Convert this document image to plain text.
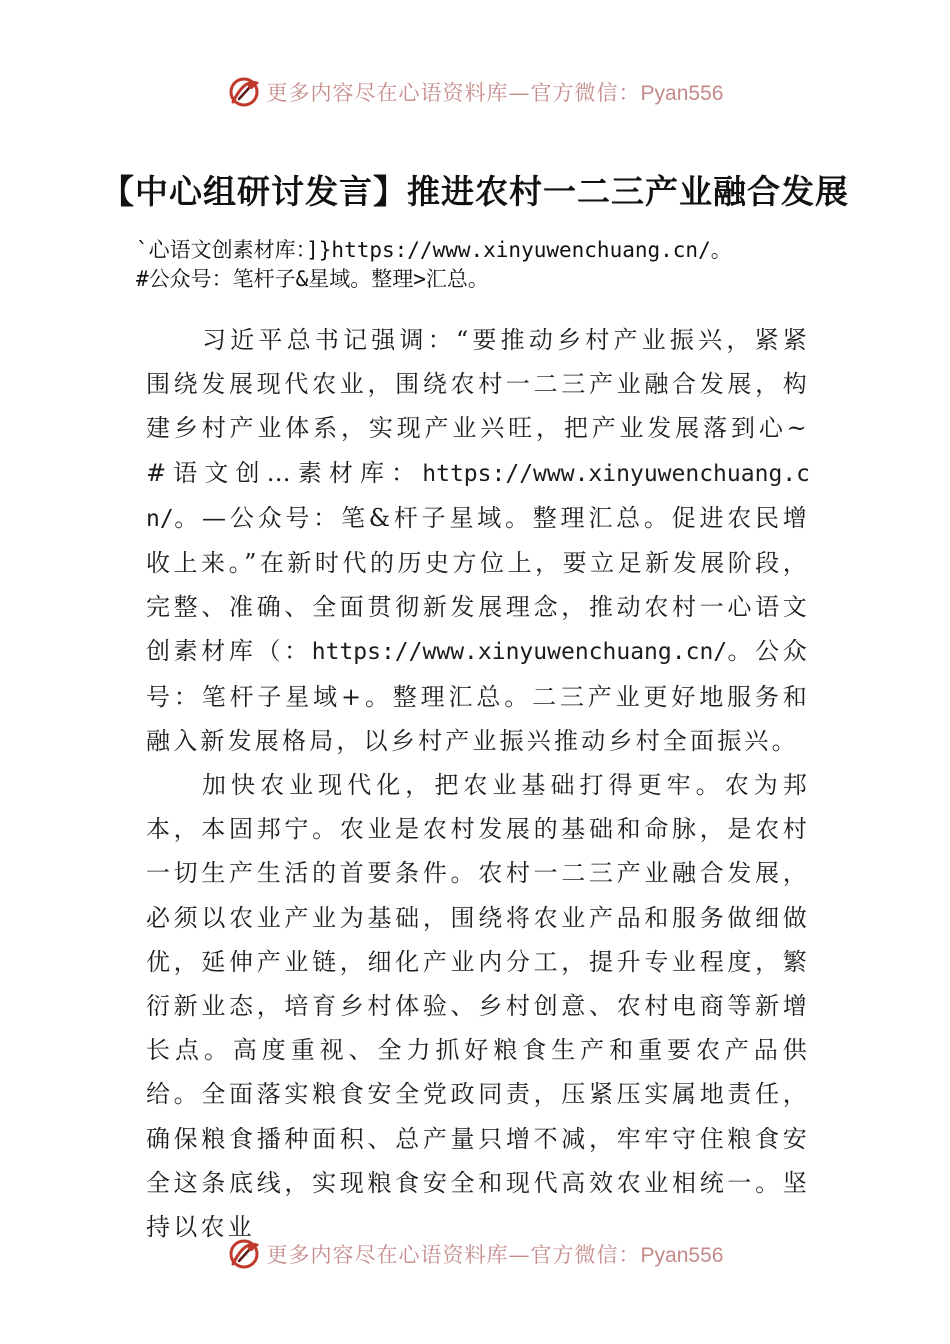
更多内容尽在心语资料库—官方微信：Pyan556
【中心组研讨发言】推进农村一二三产业融合发展
`心语文创素材库：]}https://www.xinyuwenchuang.cn/。
#公众号：笔杆子&星域。整理>汇总。

习近平总书记强调：“要推动乡村产业振兴，紧紧围绕发展现代农业，围绕农村一二三产业融合发展，构建乡村产业体系，实现产业兴旺，把产业发展落到心~#语文创…素材库：https://www.xinyuwenchuang.cn/。—公众号：笔&杆子星域。整理汇总。促进农民增收上来。”在新时代的历史方位上，要立足新发展阶段，完整、准确、全面贯彻新发展理念，推动农村一心语文创素材库（：https://www.xinyuwenchuang.cn/。公众号：笔杆子星域+。整理汇总。二三产业更好地服务和融入新发展格局，以乡村产业振兴推动乡村全面振兴。

加快农业现代化，把农业基础打得更牢。农为邦本，本固邦宁。农业是农村发展的基础和命脉，是农村一切生产生活的首要条件。农村一二三产业融合发展，必须以农业产业为基础，围绕将农业产品和服务做细做优，延伸产业链，细化产业内分工，提升专业程度，繁衍新业态，培育乡村体验、乡村创意、农村电商等新增长点。高度重视、全力抓好粮食生产和重要农产品供给。全面落实粮食安全党政同责，压紧压实属地责任，确保粮食播种面积、总产量只增不减，牢牢守住粮食安全这条底线，实现粮食安全和现代高效农业相统一。坚持以农业

更多内容尽在心语资料库—官方微信：Pyan556
